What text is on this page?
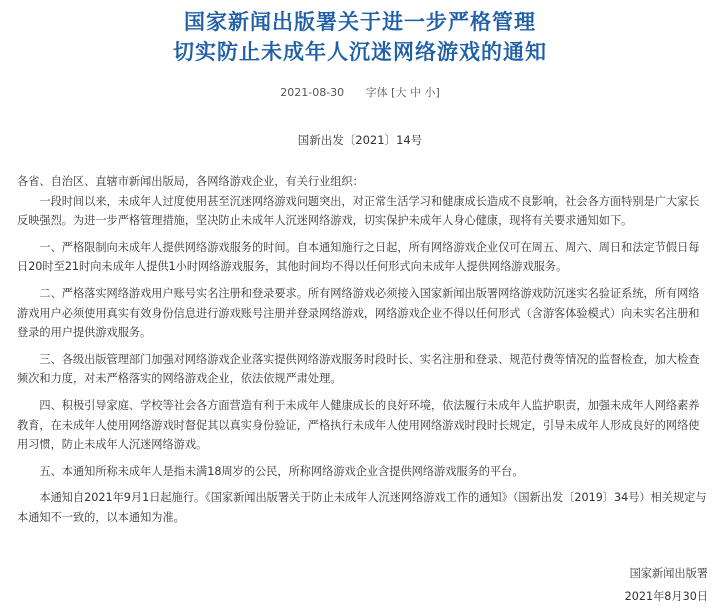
国家新闻出版署关于进一步严格管理
切实防止未成年人沉迷网络游戏的通知
2021-08-30 字体 [大 中 小]
国新出发〔2021〕14号

各省、自治区、直辖市新闻出版局，各网络游戏企业，有关行业组织：

一段时间以来，未成年人过度使用甚至沉迷网络游戏问题突出，对正常生活学习和健康成长造成不良影响，社会各方面特别是广大家长反映强烈。为进一步严格管理措施，坚决防止未成年人沉迷网络游戏，切实保护未成年人身心健康，现将有关要求通知如下。

一、严格限制向未成年人提供网络游戏服务的时间。自本通知施行之日起，所有网络游戏企业仅可在周五、周六、周日和法定节假日每日20时至21时向未成年人提供1小时网络游戏服务，其他时间均不得以任何形式向未成年人提供网络游戏服务。

二、严格落实网络游戏用户账号实名注册和登录要求。所有网络游戏必须接入国家新闻出版署网络游戏防沉迷实名验证系统，所有网络游戏用户必须使用真实有效身份信息进行游戏账号注册并登录网络游戏，网络游戏企业不得以任何形式（含游客体验模式）向未实名注册和登录的用户提供游戏服务。

三、各级出版管理部门加强对网络游戏企业落实提供网络游戏服务时段时长、实名注册和登录、规范付费等情况的监督检查，加大检查频次和力度，对未严格落实的网络游戏企业，依法依规严肃处理。

四、积极引导家庭、学校等社会各方面营造有利于未成年人健康成长的良好环境，依法履行未成年人监护职责，加强未成年人网络素养教育，在未成年人使用网络游戏时督促其以真实身份验证，严格执行未成年人使用网络游戏时段时长规定，引导未成年人形成良好的网络使用习惯，防止未成年人沉迷网络游戏。

五、本通知所称未成年人是指未满18周岁的公民，所称网络游戏企业含提供网络游戏服务的平台。

本通知自2021年9月1日起施行。《国家新闻出版署关于防止未成年人沉迷网络游戏工作的通知》（国新出发〔2019〕34号）相关规定与本通知不一致的，以本通知为准。

国家新闻出版署
2021年8月30日
